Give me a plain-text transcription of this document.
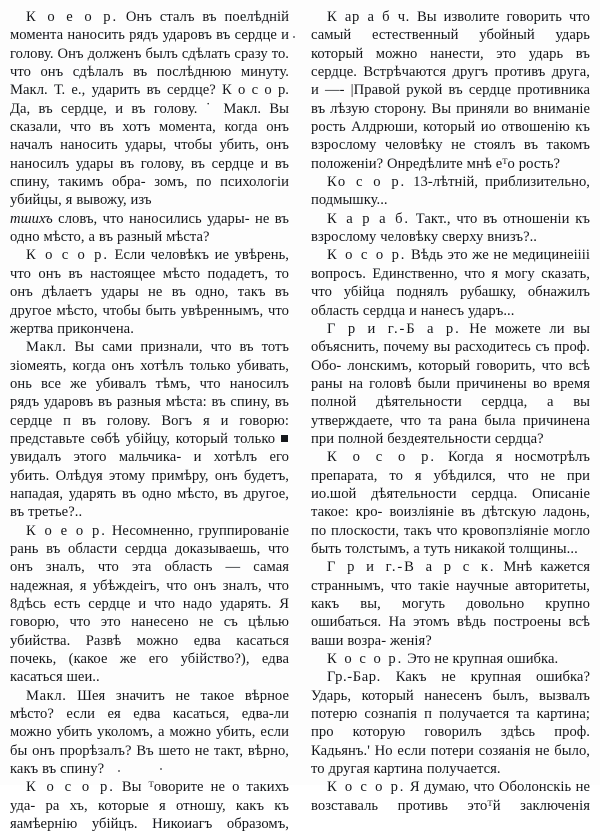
К о е о р. Онъ сталъ въ поелѣдній момента наносить рядъ ударовъ въ сердце и голову. Онъ долженъ былъ сдѣлать сразу то. что онъ сдѣлалъ въ послѣднюю минуту. Макл. Т. е., ударить въ сердце? К о с о р. Да, въ сердце, и въ голову. ˙ Макл. Вы сказали, что въ хотъ момента, когда онъ началъ наносить удары, чтобы убить, онъ наносилъ удары въ голову, въ сердце и въ спину, такимъ обра- зомъ, по психологіи убийцы, я вывожу, изъ

тшихъ словъ, что наносились удары- не въ одно мѣсто, а въ разный мѣста?

К о с о р. Если человѣкъ ие увѣрень, что онъ въ настоящее мѣсто подадетъ, то онъ дѣлаетъ удары не въ одно, такъ въ другое мѣсто, чтобы быть увѣреннымъ, что жертва прикончена.

Макл. Вы сами признали, что въ тотъ зіомеять, когда онъ хотѣлъ только убивать, онь все же убивалъ тѣмъ, что наносилъ рядъ ударовъ въ разныя мѣста: въ спину, въ сердце п въ голову. Вогъ я и говорю: представьте сѳбѣ убійцу, который только увидалъ этого мальчика- и хотѣлъ его убить. Олѣдуя этому примѣру, онъ будетъ, нападая, ударять въ одно мѣсто, въ другое, въ третье?..

К о е о р. Несомненно, группированіе рань въ области сердца доказываешь, что онъ зналъ, что эта область — самая надежная, я убѣждеіrъ, что онъ зналъ, что 8дѣсь есть сердце и что надо ударять. Я говорю, что это нанесено не съ цѣлью убийства. Развѣ можно едва касаться почекь, (какое же его убійство?), едва касаться шеи..

Макл. Шея значитъ не такое вѣрное мѣсто? если ея едва касаться, едва-ли можно убить уколомъ, а можно убить, если бы онъ прорѣзалъ? Въ шето не такт, вѣрно, какъ въ спину?

К о с о р. Вы ᵀоворите не о такихъ уда- ра хъ, которые я отношу, какъ къ яамѣернію убійцъ. Никоиагъ образомъ,

К ар а б ч. Вы изволите говорить что самый естественный убойный ударь который можно нанести, это ударь въ сердце. Встрѣчаются другъ противъ друга, и —- |Правой рукой въ сердце противника въ лѣзую сторону. Вы приняли во вниманіе рость Алдрюши, который ио отвошенію къ взрослому человѣку не стоялъ въ такомъ положеніи? Онредѣлите мнѣ еᵀо рость?

Ко с о р. 13-лѣтній, приблизительно, подмышку...

К а р а б. Такт., что въ отношеніи къ взрослому человѣку сверху внизъ?..

К о с о р. Вѣдь это же не медицинеіііі вопросъ. Единственно, что я могу сказать, что убійца поднялъ рубашку, обнажилъ область сердца и нанесъ ударъ...

Г р и г.-Б а р. Не можете ли вы объяснить, почему вы расходитесь съ проф. Обо- лонскимъ, который говорить, что всѣ раны на головѣ были причинены во время полной дѣятельности сердца, а вы утверждаете, что та рана была причинена при полной бездеятельности сердца?

К о с о р. Когда я носмотрѣлъ препарата, то я убѣдился, что не при ио.шой дѣятельности сердца. Описаніе такое: кро- воизліяніе въ дѣтскую ладонь, по плоскости, такъ что кровопзліяніе могло быть толстымъ, а туть никакой толщины...

Г р и г.-В а р с к. Мнѣ кажется страннымъ, что такіе научные авторитеты, какъ вы, могуть довольно крупно ошибаться. На этомъ вѣдь построены всѣ ваши возра- женія?

К о с о р. Это не крупная ошибка.

Гр.-Бар. Какъ не крупная ошибка? Ударь, который нанесенъ былъ, вызвалъ потерю сознапія п получается та картина; про которую говорилъ здѣсь проф. Кадьянъ.' Но если потери созяанія не было, то другая картина получается.

К о с о р. Я думаю, что Оболонскіь не возставаль противь этоᵀй заключенія
